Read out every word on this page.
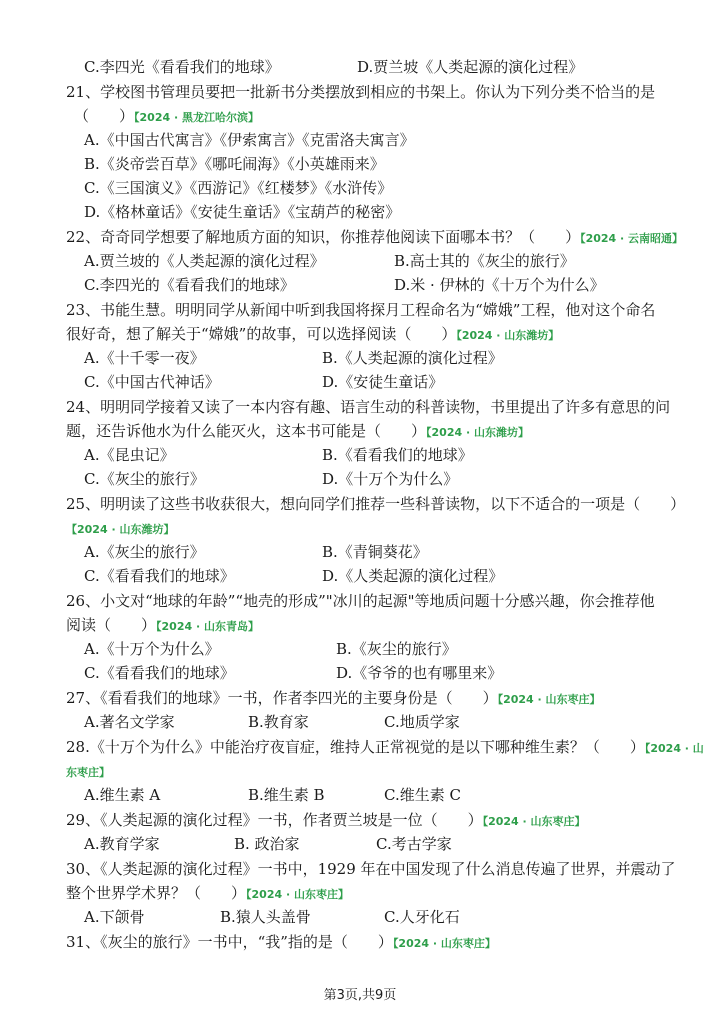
C.李四光《看看我们的地球》	D.贾兰坡《人类起源的演化过程》
21、学校图书管理员要把一批新书分类摆放到相应的书架上。你认为下列分类不恰当的是
（　　）【2024 · 黑龙江哈尔滨】
A.《中国古代寓言》《伊索寓言》《克雷洛夫寓言》
B.《炎帝尝百草》《哪吒闹海》《小英雄雨来》
C.《三国演义》《西游记》《红楼梦》《水浒传》
D.《格林童话》《安徒生童话》《宝葫芦的秘密》
22、奇奇同学想要了解地质方面的知识，你推荐他阅读下面哪本书？（　　）【2024 · 云南昭通】
A.贾兰坡的《人类起源的演化过程》	B.高士其的《灰尘的旅行》
C.李四光的《看看我们的地球》	D.米 · 伊林的《十万个为什么》
23、书能生慧。明明同学从新闻中听到我国将探月工程命名为“嫦娥”工程，他对这个命名
很好奇，想了解关于“嫦娥”的故事，可以选择阅读（　　）【2024 · 山东潍坊】
A.《十千零一夜》	B.《人类起源的演化过程》
C.《中国古代神话》	D.《安徒生童话》
24、明明同学接着又读了一本内容有趣、语言生动的科普读物，书里提出了许多有意思的问
题，还告诉他水为什么能灭火，这本书可能是（　　）【2024 · 山东潍坊】
A.《昆虫记》	B.《看看我们的地球》
C.《灰尘的旅行》	D.《十万个为什么》
25、明明读了这些书收获很大，想向同学们推荐一些科普读物，以下不适合的一项是（　　）
【2024 · 山东潍坊】
A.《灰尘的旅行》	B.《青铜葵花》
C.《看看我们的地球》	D.《人类起源的演化过程》
26、小文对“地球的年龄”“地壳的形成”"冰川的起源"等地质问题十分感兴趣，你会推荐他
阅读（　　）【2024 · 山东青岛】
A.《十万个为什么》	B.《灰尘的旅行》
C.《看看我们的地球》	D.《爷爷的也有哪里来》
27、《看看我们的地球》一书，作者李四光的主要身份是（　　）【2024 · 山东枣庄】
A.著名文学家	B.教育家	C.地质学家
28.《十万个为什么》中能治疗夜盲症，维持人正常视觉的是以下哪种维生素？（　　）【2024 · 山
东枣庄】
A.维生素 A	B.维生素 B	C.维生素 C
29、《人类起源的演化过程》一书，作者贾兰坡是一位（　　）【2024 · 山东枣庄】
A.教育学家	B. 政治家	C.考古学家
30、《人类起源的演化过程》一书中，1929 年在中国发现了什么消息传遍了世界，并震动了
整个世界学术界？（　　）【2024 · 山东枣庄】
A.下颌骨	B.猿人头盖骨	C.人牙化石
31、《灰尘的旅行》一书中，“我”指的是（　　）【2024 · 山东枣庄】
第3页,共9页
